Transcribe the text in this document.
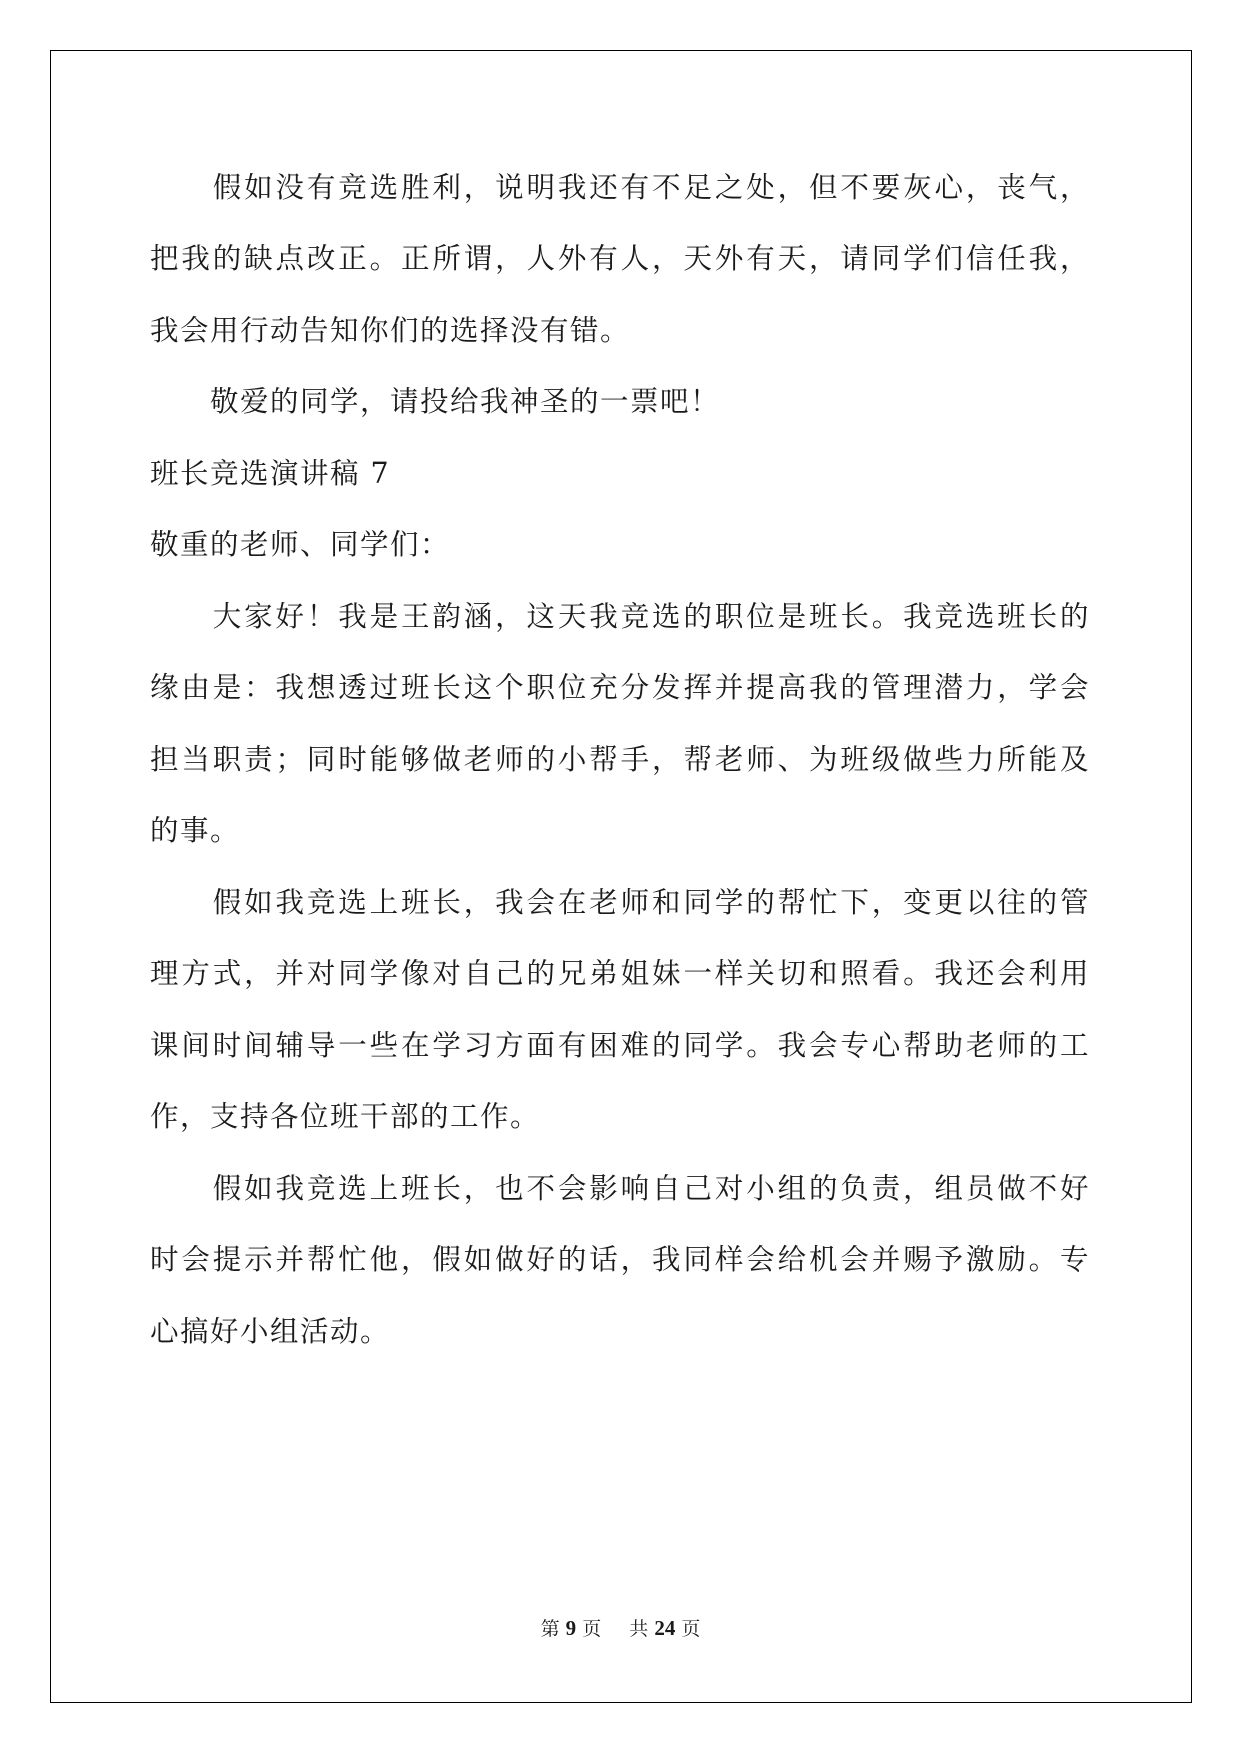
　　假如没有竞选胜利，说明我还有不足之处，但不要灰心，丧气，
把我的缺点改正。正所谓，人外有人，天外有天，请同学们信任我，
我会用行动告知你们的选择没有错。
　　敬爱的同学，请投给我神圣的一票吧！
班长竞选演讲稿 7
敬重的老师、同学们：
　　大家好！我是王韵涵，这天我竞选的职位是班长。我竞选班长的
缘由是：我想透过班长这个职位充分发挥并提高我的管理潜力，学会
担当职责；同时能够做老师的小帮手，帮老师、为班级做些力所能及
的事。
　　假如我竞选上班长，我会在老师和同学的帮忙下，变更以往的管
理方式，并对同学像对自己的兄弟姐妹一样关切和照看。我还会利用
课间时间辅导一些在学习方面有困难的同学。我会专心帮助老师的工
作，支持各位班干部的工作。
　　假如我竞选上班长，也不会影响自己对小组的负责，组员做不好
时会提示并帮忙他，假如做好的话，我同样会给机会并赐予激励。专
心搞好小组活动。
第 9 页 共 24 页
